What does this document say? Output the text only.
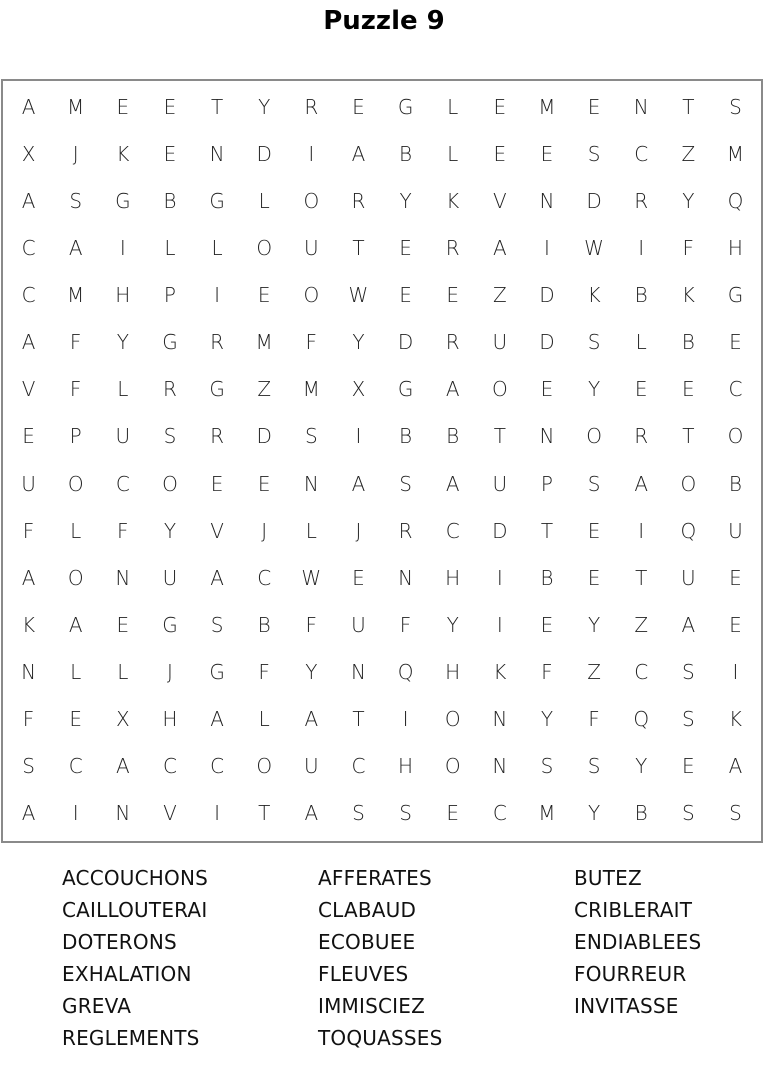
Puzzle 9
A	M	E	E	T	Y	R	E	G	L	E	M	E	N	T	S
X	J	K	E	N	D	I	A	B	L	E	E	S	C	Z	M
A	S	G	B	G	L	O	R	Y	K	V	N	D	R	Y	Q
C	A	I	L	L	O	U	T	E	R	A	I	W	I	F	H
C	M	H	P	I	E	O	W	E	E	Z	D	K	B	K	G
A	F	Y	G	R	M	F	Y	D	R	U	D	S	L	B	E
V	F	L	R	G	Z	M	X	G	A	O	E	Y	E	E	C
E	P	U	S	R	D	S	I	B	B	T	N	O	R	T	O
U	O	C	O	E	E	N	A	S	A	U	P	S	A	O	B
F	L	F	Y	V	J	L	J	R	C	D	T	E	I	Q	U
A	O	N	U	A	C	W	E	N	H	I	B	E	T	U	E
K	A	E	G	S	B	F	U	F	Y	I	E	Y	Z	A	E
N	L	L	J	G	F	Y	N	Q	H	K	F	Z	C	S	I
F	E	X	H	A	L	A	T	I	O	N	Y	F	Q	S	K
S	C	A	C	C	O	U	C	H	O	N	S	S	Y	E	A
A	I	N	V	I	T	A	S	S	E	C	M	Y	B	S	S
ACCOUCHONS	AFFERATES	BUTEZ
CAILLOUTERAI	CLABAUD	CRIBLERAIT
DOTERONS	ECOBUEE	ENDIABLEES
EXHALATION	FLEUVES	FOURREUR
GREVA	IMMISCIEZ	INVITASSE
REGLEMENTS	TOQUASSES
